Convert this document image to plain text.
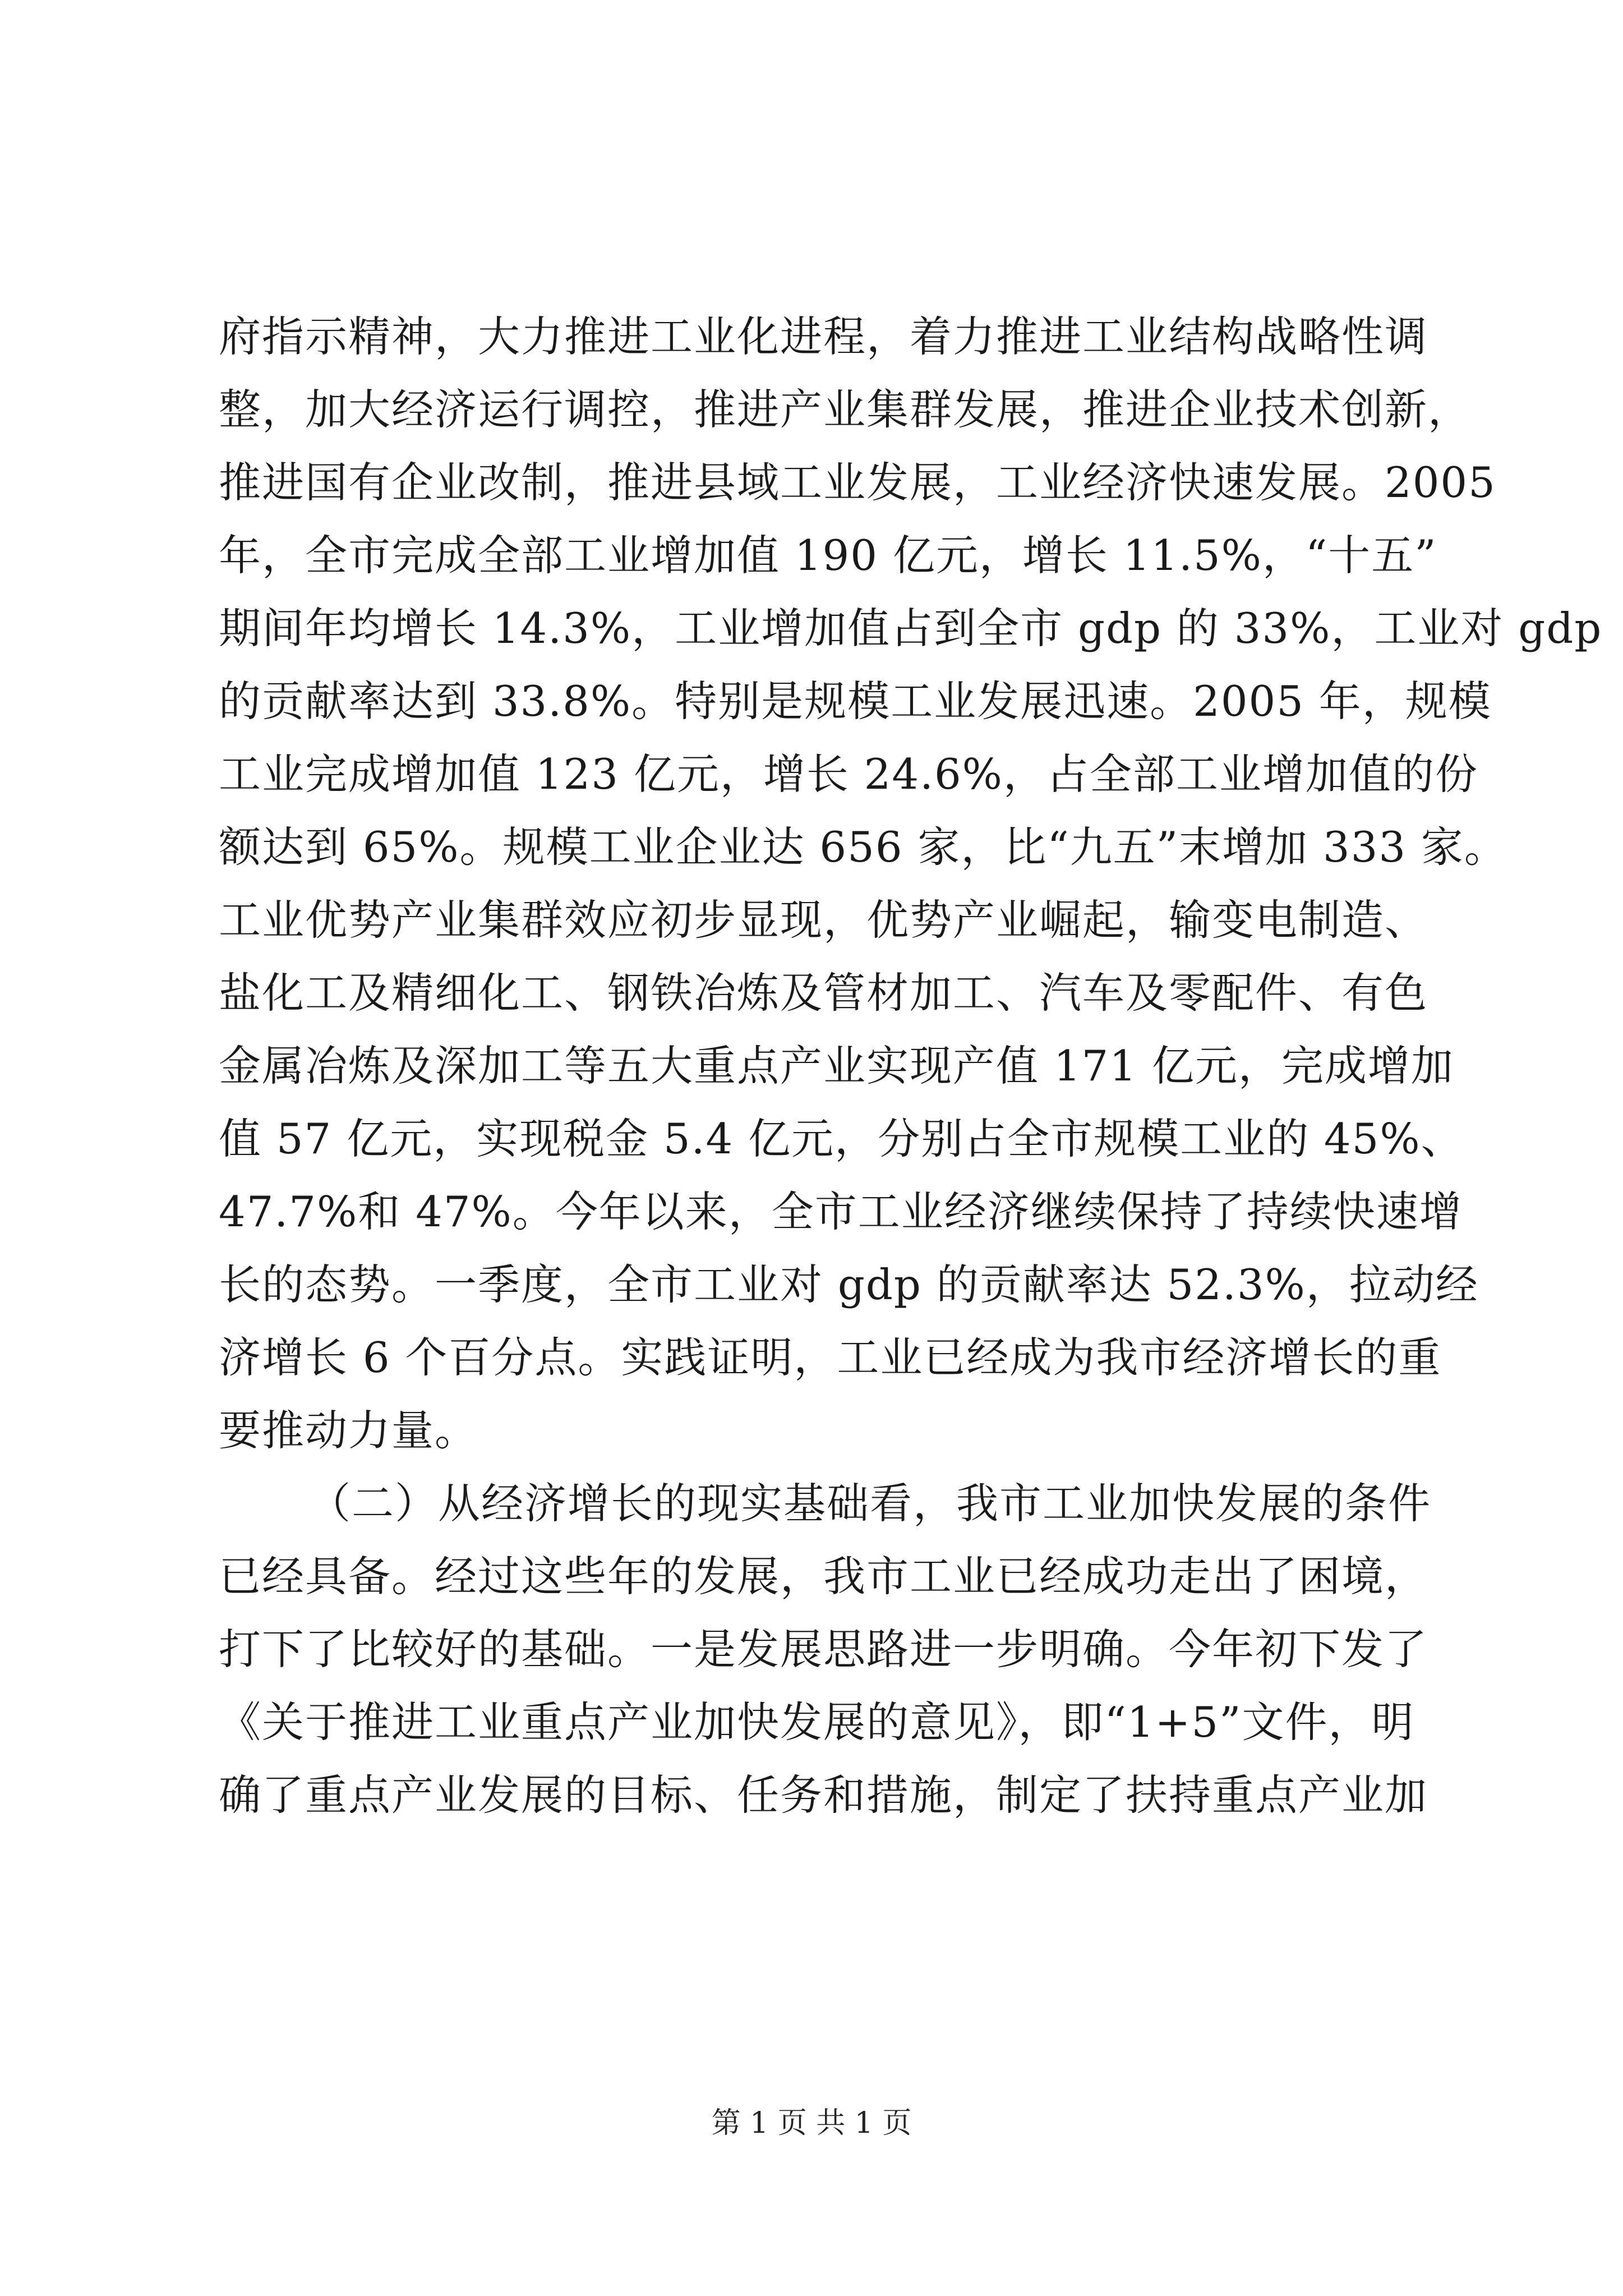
府指示精神，大力推进工业化进程，着力推进工业结构战略性调
整，加大经济运行调控，推进产业集群发展，推进企业技术创新，
推进国有企业改制，推进县域工业发展，工业经济快速发展。2005
年，全市完成全部工业增加值 190 亿元，增长 11.5%，“十五”
期间年均增长 14.3%，工业增加值占到全市 gdp 的 33%，工业对 gdp
的贡献率达到 33.8%。特别是规模工业发展迅速。2005 年，规模
工业完成增加值 123 亿元，增长 24.6%，占全部工业增加值的份
额达到 65%。规模工业企业达 656 家，比“九五”末增加 333 家。
工业优势产业集群效应初步显现，优势产业崛起，输变电制造、
盐化工及精细化工、钢铁冶炼及管材加工、汽车及零配件、有色
金属冶炼及深加工等五大重点产业实现产值 171 亿元，完成增加
值 57 亿元，实现税金 5.4 亿元，分别占全市规模工业的 45%、
47.7%和 47%。今年以来，全市工业经济继续保持了持续快速增
长的态势。一季度，全市工业对 gdp 的贡献率达 52.3%，拉动经
济增长 6 个百分点。实践证明，工业已经成为我市经济增长的重
要推动力量。
（二）从经济增长的现实基础看，我市工业加快发展的条件
已经具备。经过这些年的发展，我市工业已经成功走出了困境，
打下了比较好的基础。一是发展思路进一步明确。今年初下发了
《关于推进工业重点产业加快发展的意见》，即“1+5”文件，明
确了重点产业发展的目标、任务和措施，制定了扶持重点产业加
第 1 页 共 1 页
